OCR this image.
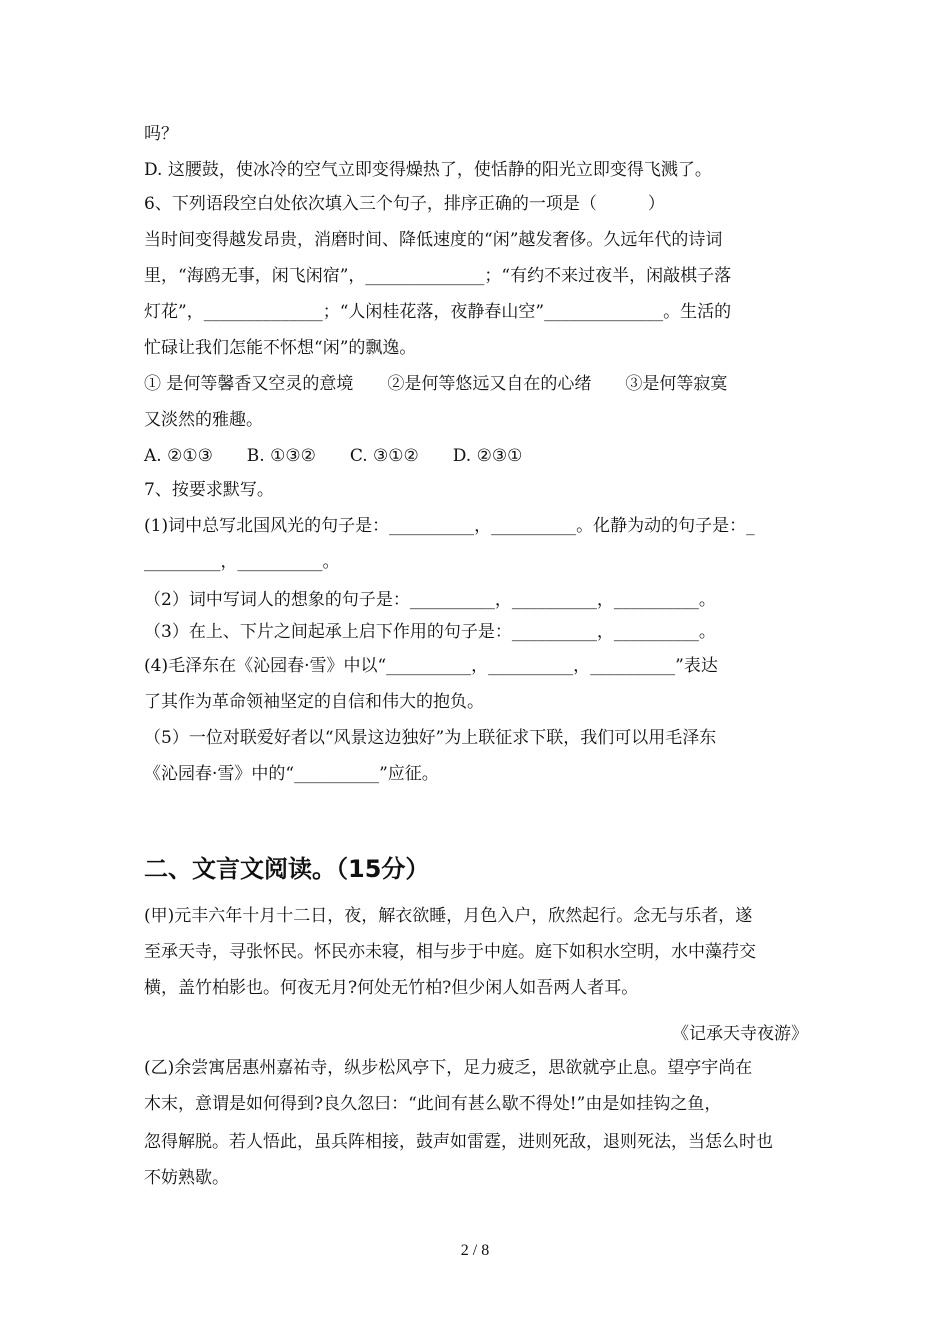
吗？

D. 这腰鼓，使冰冷的空气立即变得燥热了，使恬静的阳光立即变得飞溅了。

6、下列语段空白处依次填入三个句子，排序正确的一项是（　　　）

当时间变得越发昂贵，消磨时间、降低速度的“闲”越发奢侈。久远年代的诗词

里，“海鸥无事，闲飞闲宿”，______________；“有约不来过夜半，闲敲棋子落

灯花”，______________；“人闲桂花落，夜静春山空”______________。生活的

忙碌让我们怎能不怀想“闲”的飘逸。

① 是何等馨香又空灵的意境　　②是何等悠远又自在的心绪　　③是何等寂寞

又淡然的雅趣。

A. ②①③　　B. ①③②　　C. ③①②　　D. ②③①

7、按要求默写。

(1)词中总写北国风光的句子是：__________，__________。化静为动的句子是：_

_________，__________。

（2）词中写词人的想象的句子是：__________，__________，__________。

（3）在上、下片之间起承上启下作用的句子是：__________，__________。

(4)毛泽东在《沁园春·雪》中以“__________，__________，__________”表达

了其作为革命领袖坚定的自信和伟大的抱负。

（5）一位对联爱好者以“风景这边独好”为上联征求下联，我们可以用毛泽东

《沁园春·雪》中的“__________”应征。

二、文言文阅读。（15分）

(甲)元丰六年十月十二日，夜，解衣欲睡，月色入户，欣然起行。念无与乐者，遂

至承天寺，寻张怀民。怀民亦未寝，相与步于中庭。庭下如积水空明，水中藻荇交

横，盖竹柏影也。何夜无月?何处无竹柏?但少闲人如吾两人者耳。

《记承天寺夜游》

(乙)余尝寓居惠州嘉祐寺，纵步松风亭下，足力疲乏，思欲就亭止息。望亭宇尚在

木末，意谓是如何得到?良久忽曰：“此间有甚么歇不得处!”由是如挂钩之鱼，

忽得解脱。若人悟此，虽兵阵相接，鼓声如雷霆，进则死敌，退则死法，当恁么时也

不妨熟歇。

2 / 8
